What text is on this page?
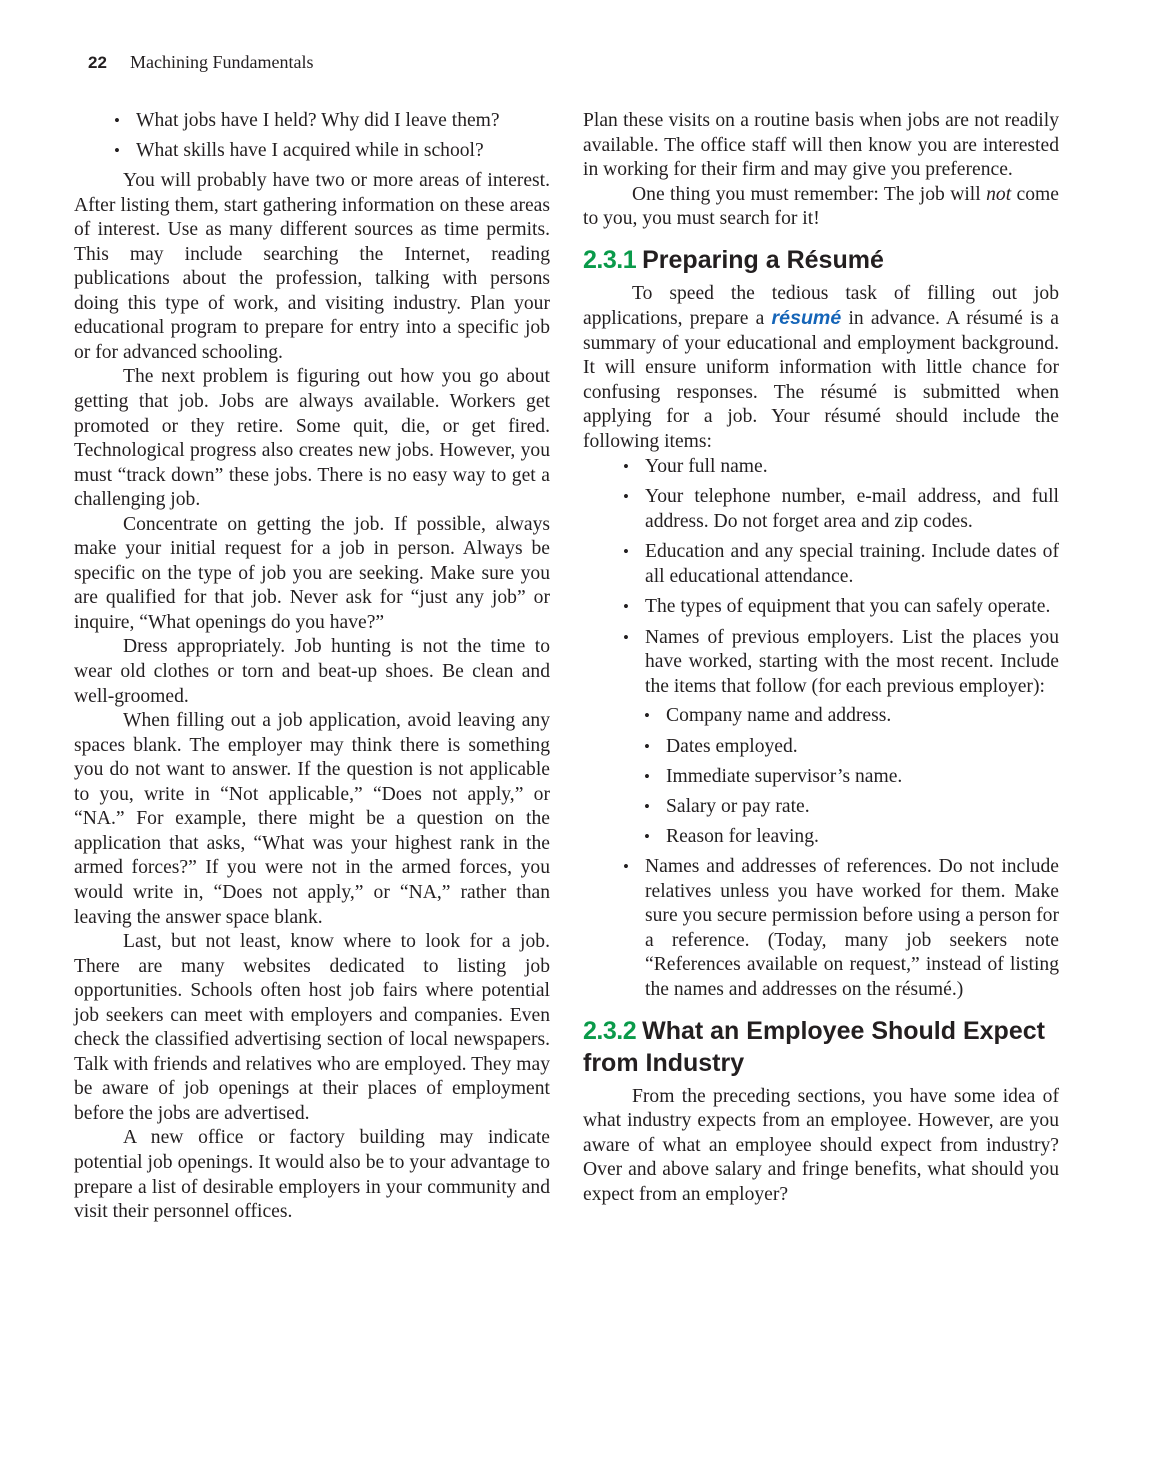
22	Machining Fundamentals
• What jobs have I held? Why did I leave them?
• What skills have I acquired while in school?

You will probably have two or more areas of interest. After listing them, start gathering information on these areas of interest. Use as many different sources as time permits. This may include searching the Internet, reading publications about the profession, talking with persons doing this type of work, and visiting industry. Plan your educational program to prepare for entry into a specific job or for advanced schooling.

The next problem is figuring out how you go about getting that job. Jobs are always available. Workers get promoted or they retire. Some quit, die, or get fired. Technological progress also creates new jobs. However, you must “track down” these jobs. There is no easy way to get a challenging job.

Concentrate on getting the job. If possible, always make your initial request for a job in person. Always be specific on the type of job you are seeking. Make sure you are qualified for that job. Never ask for “just any job” or inquire, “What openings do you have?”

Dress appropriately. Job hunting is not the time to wear old clothes or torn and beat-up shoes. Be clean and well-groomed.

When filling out a job application, avoid leaving any spaces blank. The employer may think there is something you do not want to answer. If the question is not applicable to you, write in “Not applicable,” “Does not apply,” or “NA.” For example, there might be a question on the application that asks, “What was your highest rank in the armed forces?” If you were not in the armed forces, you would write in, “Does not apply,” or “NA,” rather than leaving the answer space blank.

Last, but not least, know where to look for a job. There are many websites dedicated to listing job opportunities. Schools often host job fairs where potential job seekers can meet with employers and companies. Even check the classified advertising section of local newspapers. Talk with friends and relatives who are employed. They may be aware of job openings at their places of employment before the jobs are advertised.

A new office or factory building may indicate potential job openings. It would also be to your advantage to prepare a list of desirable employers in your community and visit their personnel offices.

Plan these visits on a routine basis when jobs are not readily available. The office staff will then know you are interested in working for their firm and may give you preference.

One thing you must remember: The job will not come to you, you must search for it!

2.3.1 Preparing a Résumé

To speed the tedious task of filling out job applications, prepare a résumé in advance. A résumé is a summary of your educational and employment background. It will ensure uniform information with little chance for confusing responses. The résumé is submitted when applying for a job. Your résumé should include the following items:

• Your full name.
• Your telephone number, e-mail address, and full address. Do not forget area and zip codes.
• Education and any special training. Include dates of all educational attendance.
• The types of equipment that you can safely operate.
• Names of previous employers. List the places you have worked, starting with the most recent. Include the items that follow (for each previous employer):
• Company name and address.
• Dates employed.
• Immediate supervisor’s name.
• Salary or pay rate.
• Reason for leaving.
• Names and addresses of references. Do not include relatives unless you have worked for them. Make sure you secure permission before using a person for a reference. (Today, many job seekers note “References available on request,” instead of listing the names and addresses on the résumé.)
2.3.2 What an Employee Should Expect from Industry

From the preceding sections, you have some idea of what industry expects from an employee. However, are you aware of what an employee should expect from industry? Over and above salary and fringe benefits, what should you expect from an employer?
